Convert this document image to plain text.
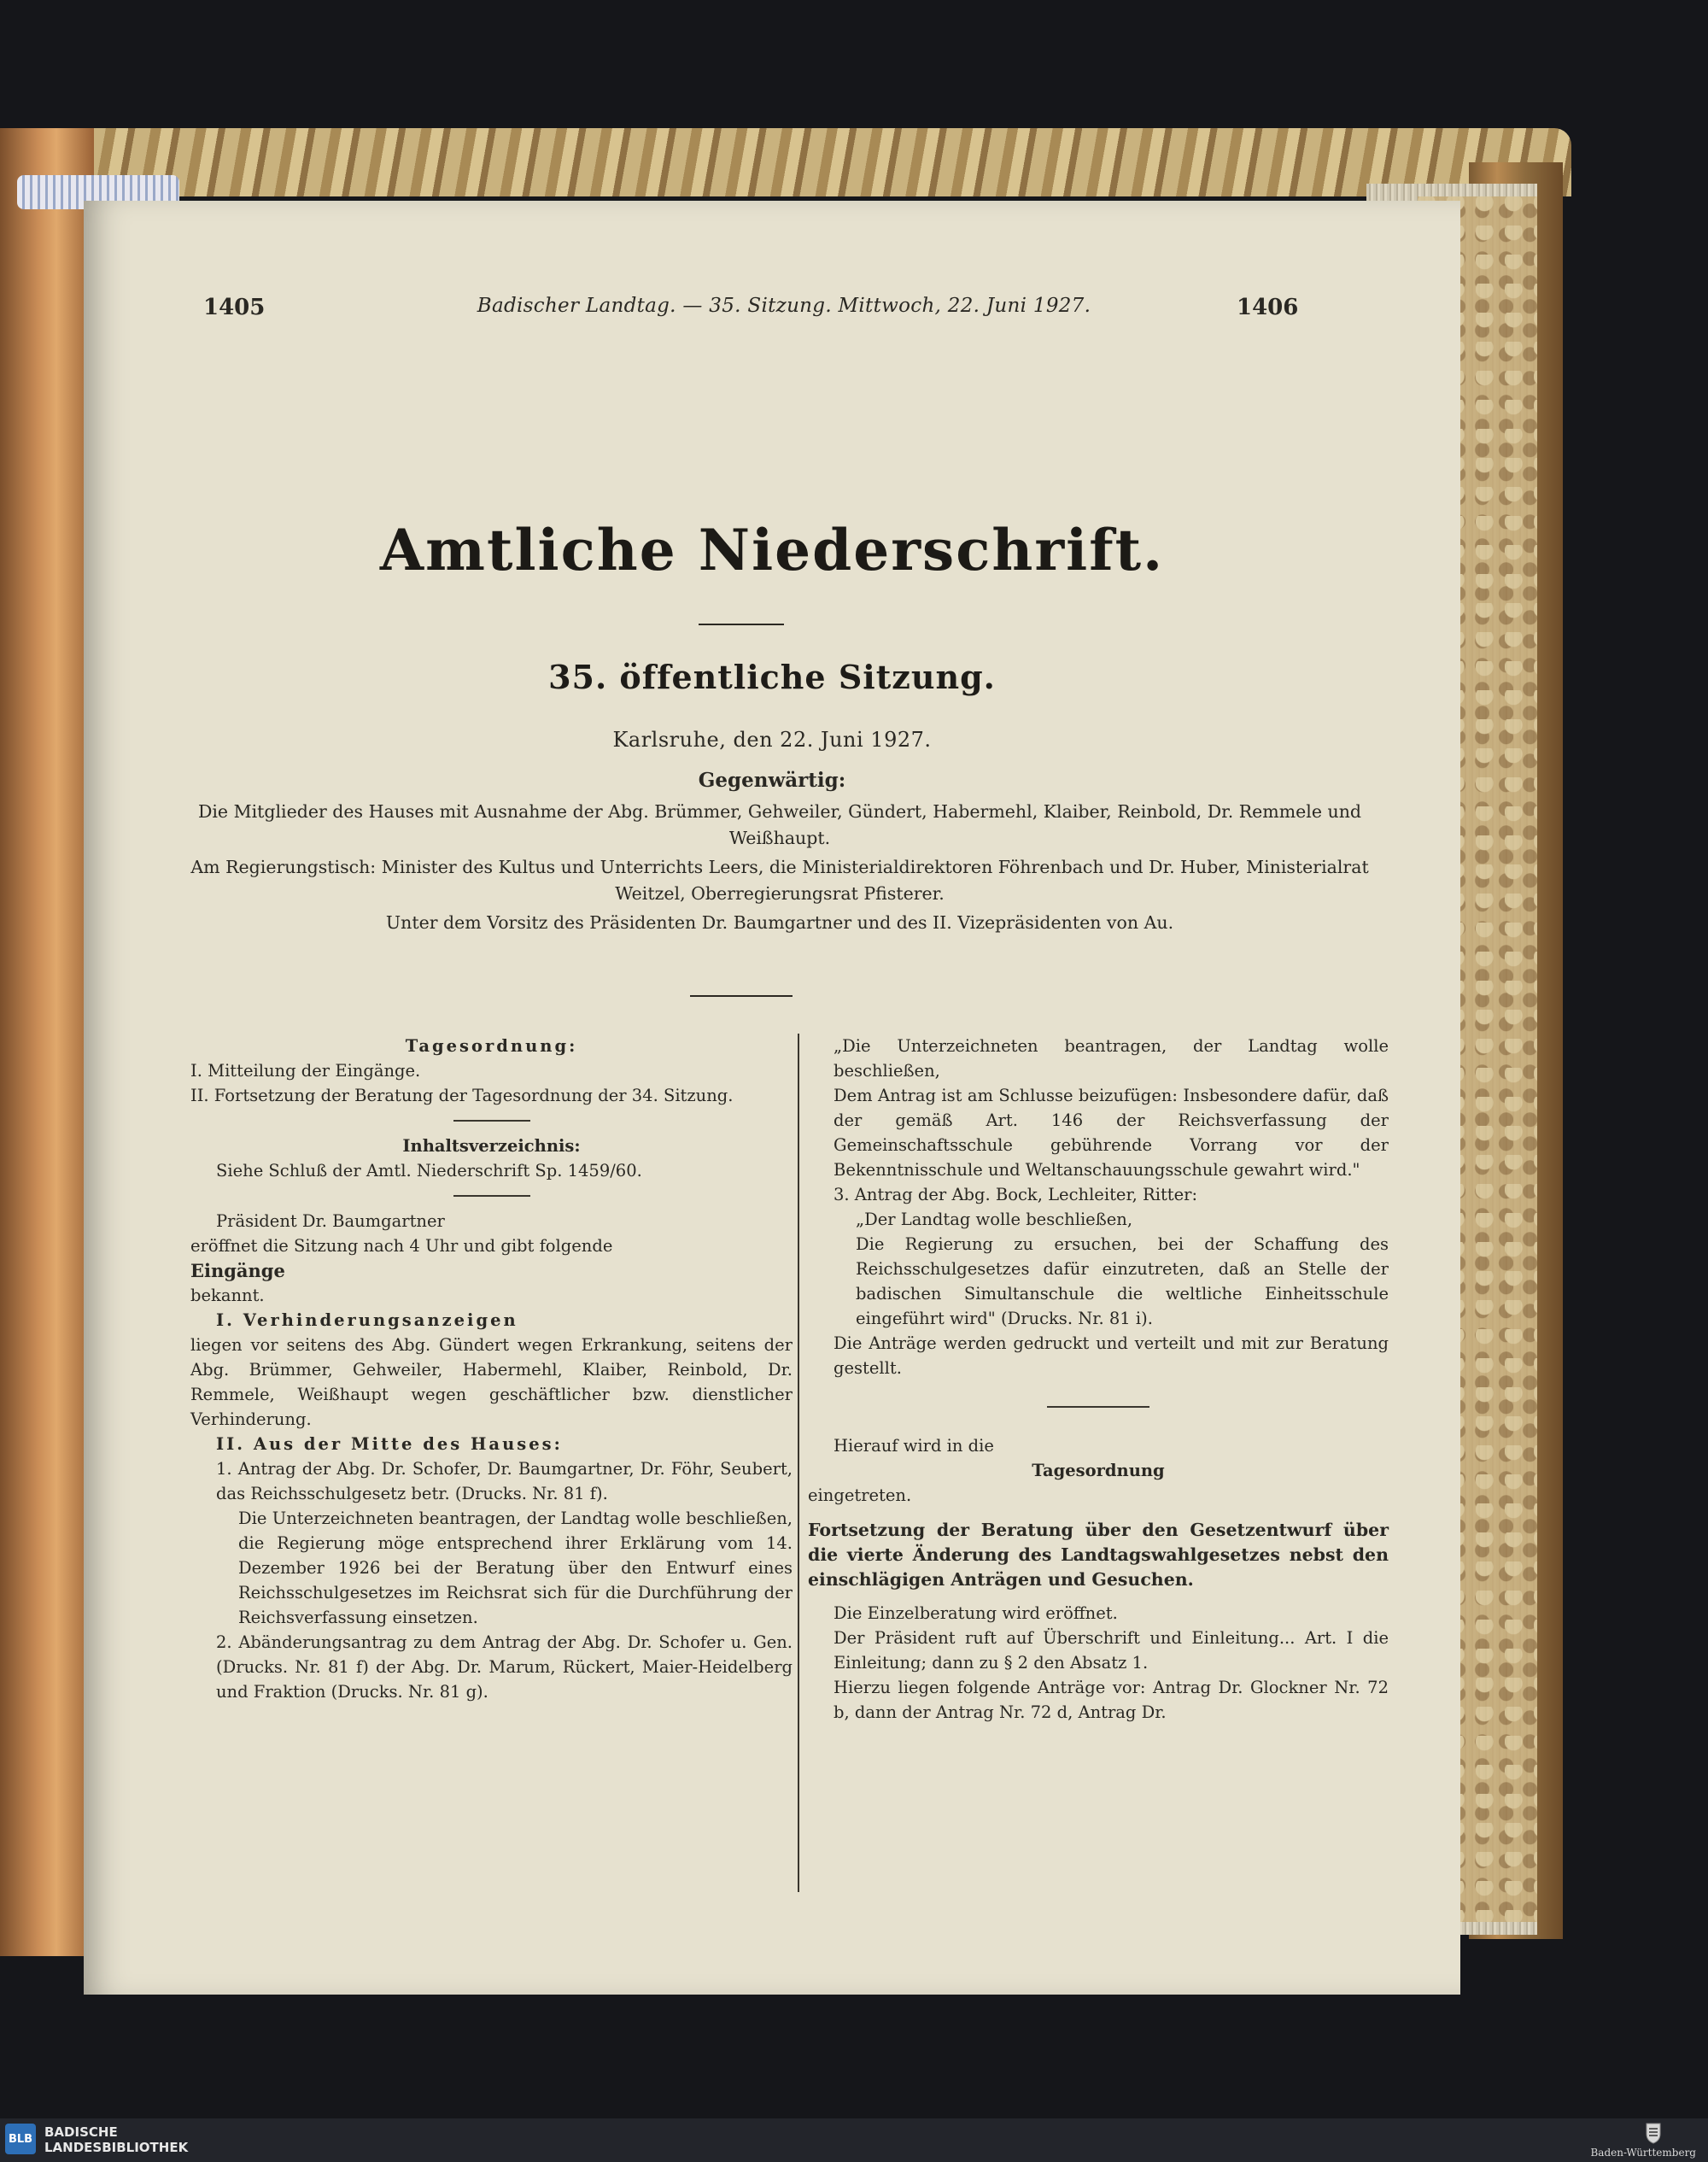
1405	Badischer Landtag. — 35. Sitzung. Mittwoch, 22. Juni 1927.	1406
Amtliche Niederschrift.
35. öffentliche Sitzung.
Karlsruhe, den 22. Juni 1927.
Gegenwärtig:

Die Mitglieder des Hauses mit Ausnahme der Abg. Brümmer, Gehweiler, Gündert, Habermehl, Klaiber, Reinbold, Dr. Remmele und Weißhaupt.

Am Regierungstisch: Minister des Kultus und Unterrichts Leers, die Ministerialdirektoren Föhrenbach und Dr. Huber, Ministerialrat Weitzel, Oberregierungsrat Pfisterer.

Unter dem Vorsitz des Präsidenten Dr. Baumgartner und des II. Vizepräsidenten von Au.

Tagesordnung:

I. Mitteilung der Eingänge.

II. Fortsetzung der Beratung der Tagesordnung der 34. Sitzung.

Inhaltsverzeichnis:

Siehe Schluß der Amtl. Niederschrift Sp. 1459/60.

Präsident Dr. Baumgartner

eröffnet die Sitzung nach 4 Uhr und gibt folgende

Eingänge

bekannt.

I. Verhinderungsanzeigen

liegen vor seitens des Abg. Gündert wegen Erkrankung, seitens der Abg. Brümmer, Gehweiler, Habermehl, Klaiber, Reinbold, Dr. Remmele, Weißhaupt wegen geschäftlicher bzw. dienstlicher Verhinderung.

II. Aus der Mitte des Hauses:

1. Antrag der Abg. Dr. Schofer, Dr. Baumgartner, Dr. Föhr, Seubert, das Reichsschulgesetz betr. (Drucks. Nr. 81 f).

Die Unterzeichneten beantragen, der Landtag wolle beschließen, die Regierung möge entsprechend ihrer Erklärung vom 14. Dezember 1926 bei der Beratung über den Entwurf eines Reichsschulgesetzes im Reichsrat sich für die Durchführung der Reichsverfassung einsetzen.

2. Abänderungsantrag zu dem Antrag der Abg. Dr. Schofer u. Gen. (Drucks. Nr. 81 f) der Abg. Dr. Marum, Rückert, Maier-Heidelberg und Fraktion (Drucks. Nr. 81 g).

„Die Unterzeichneten beantragen, der Landtag wolle beschließen,

Dem Antrag ist am Schlusse beizufügen: Insbesondere dafür, daß der gemäß Art. 146 der Reichsverfassung der Gemeinschaftsschule gebührende Vorrang vor der Bekenntnisschule und Weltanschauungsschule gewahrt wird."

3. Antrag der Abg. Bock, Lechleiter, Ritter:

„Der Landtag wolle beschließen,

Die Regierung zu ersuchen, bei der Schaffung des Reichsschulgesetzes dafür einzutreten, daß an Stelle der badischen Simultanschule die weltliche Einheitsschule eingeführt wird" (Drucks. Nr. 81 i).

Die Anträge werden gedruckt und verteilt und mit zur Beratung gestellt.

Hierauf wird in die

Tagesordnung

eingetreten.

Fortsetzung der Beratung über den Gesetzentwurf über die vierte Änderung des Landtagswahlgesetzes nebst den einschlägigen Anträgen und Gesuchen.

Die Einzelberatung wird eröffnet.

Der Präsident ruft auf Überschrift und Einleitung... Art. I die Einleitung; dann zu § 2 den Absatz 1.

Hierzu liegen folgende Anträge vor: Antrag Dr. Glockner Nr. 72 b, dann der Antrag Nr. 72 d, Antrag Dr.

BLB BADISCHE
LANDESBIBLIOTHEK	Baden-Württemberg
